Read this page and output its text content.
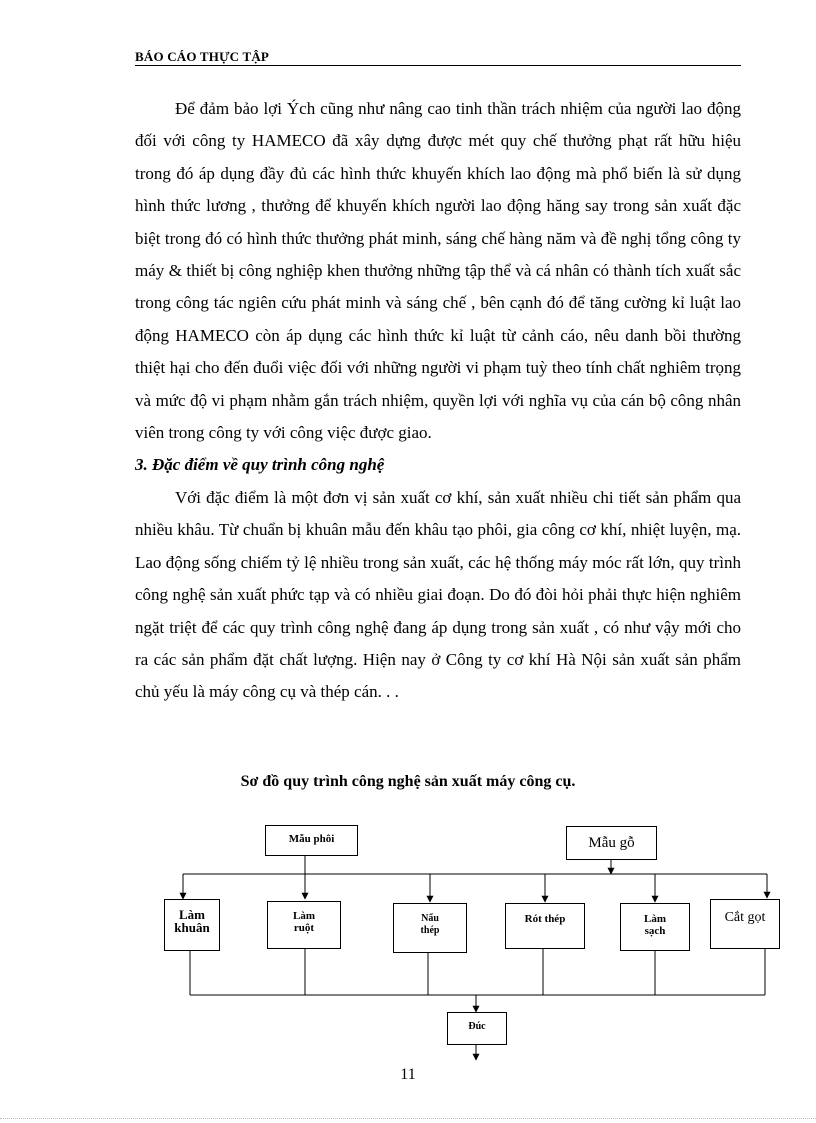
BÁO CÁO THỰC TẬP

Để đảm bảo lợi Ých cũng như nâng cao tinh thần trách nhiệm của người lao động đối với công ty HAMECO đã xây dựng được mét quy chế thưởng phạt rất hữu hiệu trong đó áp dụng đầy đủ các hình thức khuyến khích lao động mà phổ biến là sử dụng hình thức lương , thưởng để khuyến khích người lao động hăng say trong sản xuất đặc biệt trong đó có hình thức thưởng phát minh, sáng chế hàng năm và đề nghị tổng công ty máy & thiết bị công nghiệp khen thưởng những tập thể và cá nhân có thành tích xuất sắc trong công tác ngiên cứu phát minh và sáng chế , bên cạnh đó để tăng cường kỉ luật lao động HAMECO còn áp dụng các hình thức kỉ luật từ cảnh cáo, nêu danh bồi thường thiệt hại cho đến đuổi việc đối với những người vi phạm tuỳ theo tính chất nghiêm trọng và mức độ vi phạm nhằm gắn trách nhiệm, quyền lợi với nghĩa vụ của cán bộ công nhân viên trong công ty với công việc được giao.

3. Đặc điểm về quy trình công nghệ

Với đặc điểm là một đơn vị sản xuất cơ khí, sản xuất nhiều chi tiết sản phẩm qua nhiều khâu. Từ chuẩn bị khuân mẫu đến khâu tạo phôi, gia công cơ khí, nhiệt luyện, mạ. Lao động sống chiếm tỷ lệ nhiều trong sản xuất, các hệ thống máy móc rất lớn, quy trình công nghệ sản xuất phức tạp và có nhiều giai đoạn. Do đó đòi hỏi phải thực hiện nghiêm ngặt triệt để các quy trình công nghệ đang áp dụng trong sản xuất , có như vậy mới cho ra các sản phẩm đặt chất lượng. Hiện nay ở Công ty cơ khí Hà Nội sản xuất sản phẩm chủ yếu là máy công cụ và thép cán. . .

Sơ đồ quy trình công nghệ sản xuất máy công cụ.
Mẫu phôi	Mẫu gỗ
Làm
khuân
Làm
ruột
Nấu
thép
Rót thép	Làm
sạch
Cắt gọt
Đúc
11
